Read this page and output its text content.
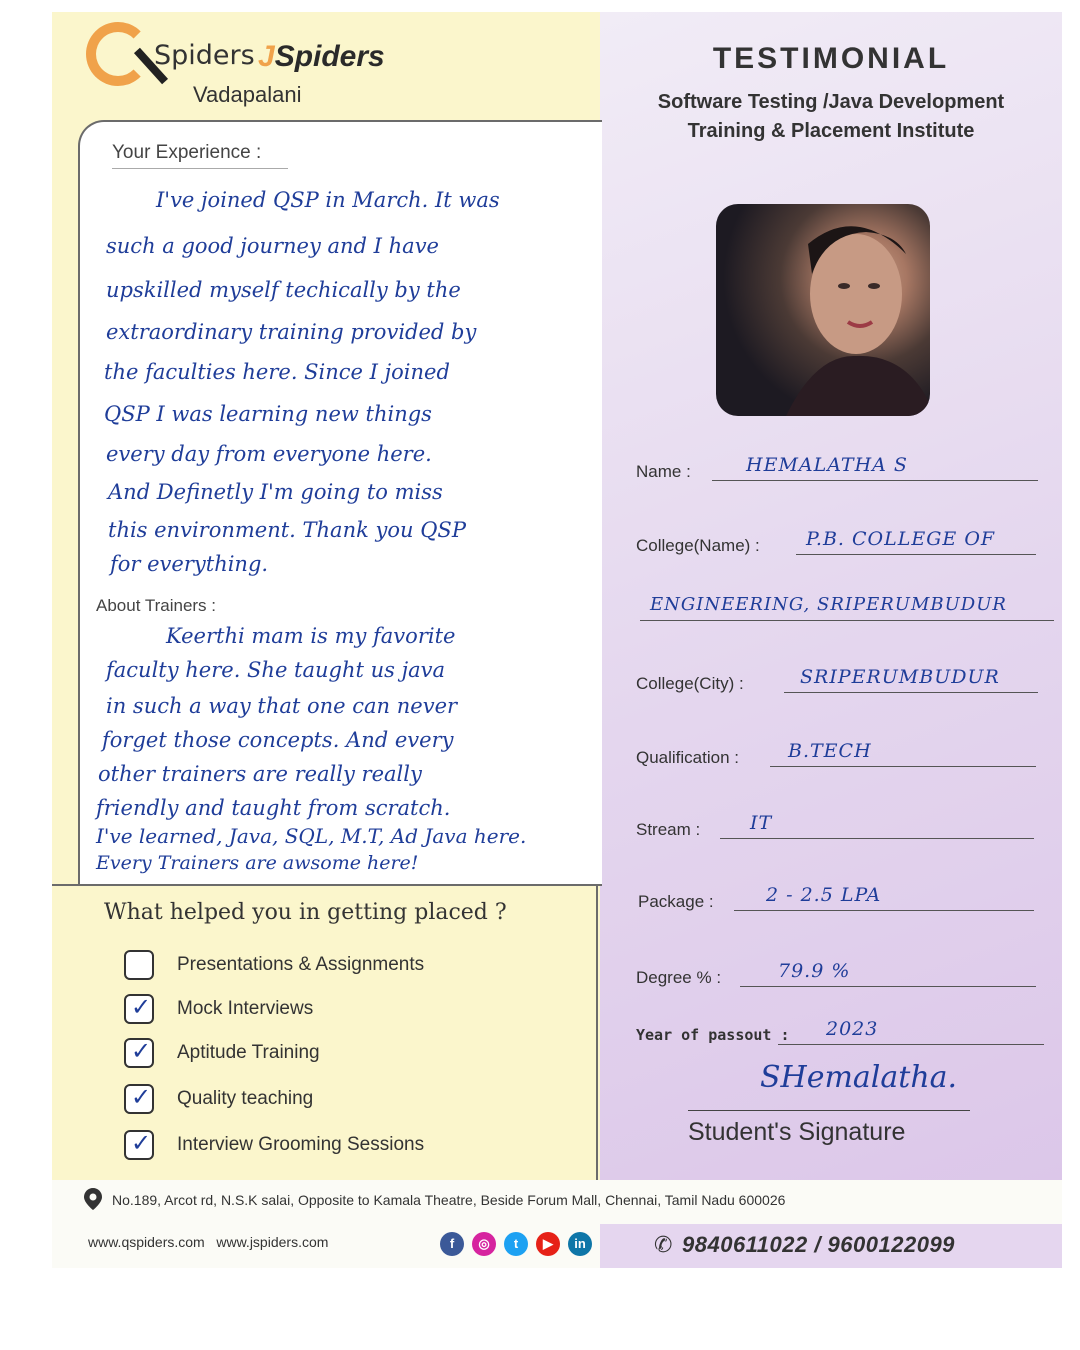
Spiders JSpiders
Vadapalani
TESTIMONIAL
Software Testing /Java Development
Training & Placement Institute
Your Experience :
I've joined QSP in March. It was
such a good journey and I have
upskilled myself techically by the
extraordinary training provided by
the faculties here. Since I joined
QSP I was learning new things
every day from everyone here.
And Definetly I'm going to miss
this environment. Thank you QSP
for everything.
About Trainers :
Keerthi mam is my favorite
faculty here. She taught us java
in such a way that one can never
forget those concepts. And every
other trainers are really really
friendly and taught from scratch.
I've learned, Java, SQL, M.T, Ad Java here.
Every Trainers are awsome here!
What helped you in getting placed ?
Presentations & Assignments
✓ Mock Interviews
✓ Aptitude Training
✓ Quality teaching
✓ Interview Grooming Sessions
Name :	HEMALATHA S
College(Name) : P.B. COLLEGE OF
ENGINEERING, SRIPERUMBUDUR
College(City) :	SRIPERUMBUDUR
Qualification :	B.TECH
Stream :	IT
Package :	2 - 2.5 LPA
Degree % :	79.9 %
Year of passout : 2023
SHemalatha.
Student's Signature
No.189, Arcot rd, N.S.K salai, Opposite to Kamala Theatre, Beside Forum Mall, Chennai, Tamil Nadu 600026
www.qspiders.com www.jspiders.com	f	◎	t	▶	in	✆ 9840611022 / 9600122099
